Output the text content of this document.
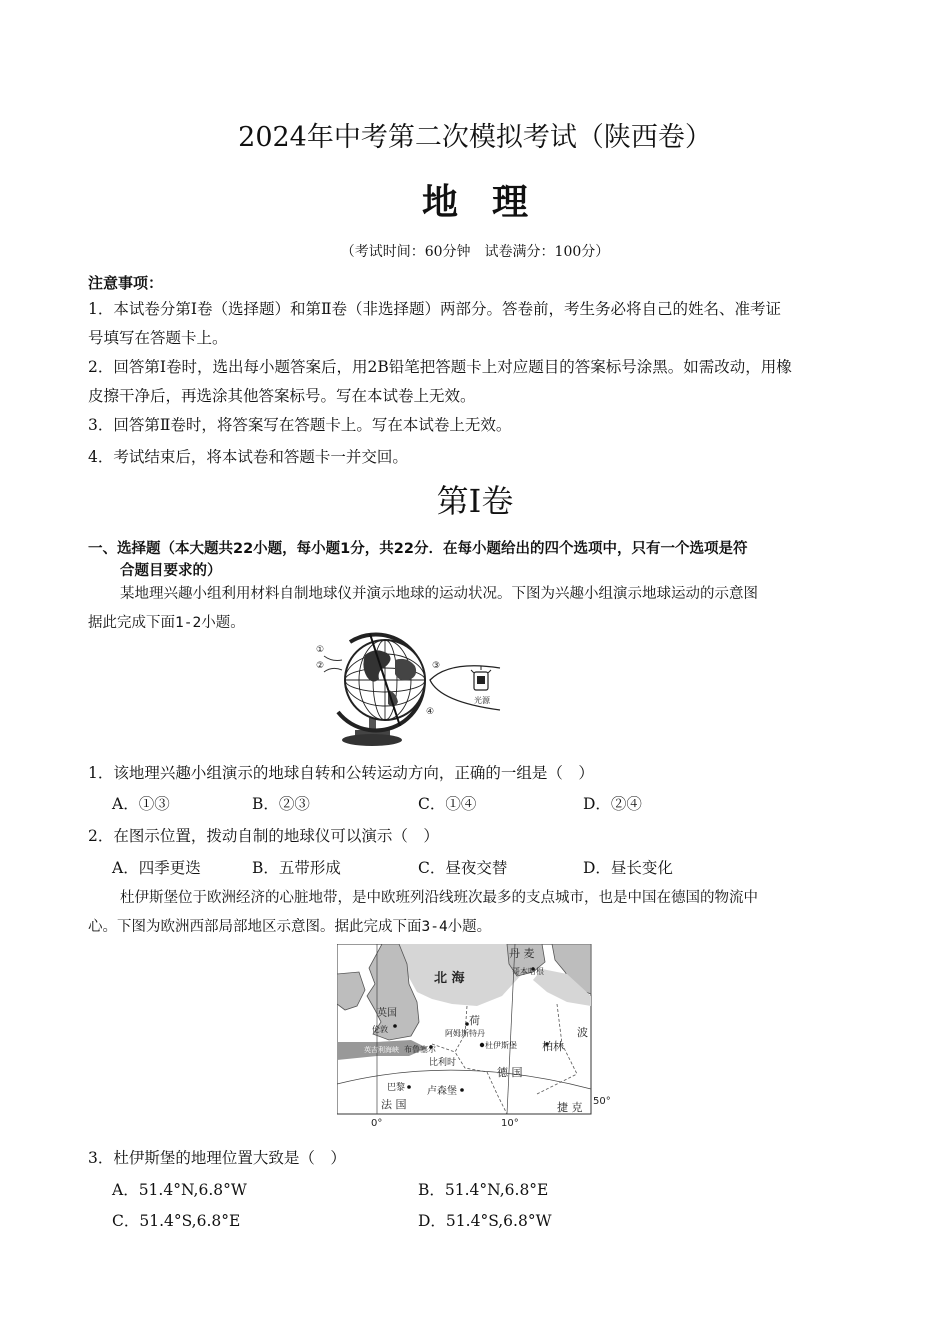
2024年中考第二次模拟考试（陕西卷）
地理
（考试时间：60分钟　试卷满分：100分）
注意事项：
1．本试卷分第Ⅰ卷（选择题）和第Ⅱ卷（非选择题）两部分。答卷前，考生务必将自己的姓名、准考证
号填写在答题卡上。
2．回答第Ⅰ卷时，选出每小题答案后，用2B铅笔把答题卡上对应题目的答案标号涂黑。如需改动，用橡
皮擦干净后，再选涂其他答案标号。写在本试卷上无效。
3．回答第Ⅱ卷时，将答案写在答题卡上。写在本试卷上无效。
4．考试结束后，将本试卷和答题卡一并交回。
第Ⅰ卷
一、选择题（本大题共22小题，每小题1分，共22分．在每小题给出的四个选项中，只有一个选项是符
合题目要求的）
某地理兴趣小组利用材料自制地球仪并演示地球的运动状况。下图为兴趣小组演示地球运动的示意图
据此完成下面1-2小题。
①
②	③
④
光源
1．该地理兴趣小组演示的地球自转和公转运动方向，正确的一组是（　）
A．①③	B．②③	C．①④	D．②④
2．在图示位置，拨动自制的地球仪可以演示（　）
A．四季更迭	B．五带形成	C．昼夜交替	D．昼长变化
杜伊斯堡位于欧洲经济的心脏地带，是中欧班列沿线班次最多的支点城市，也是中国在德国的物流中
心。下图为欧洲西部局部地区示意图。据此完成下面3-4小题。
北 海
丹 麦
哥本哈根
英国
伦敦
荷
阿姆斯特丹
杜伊斯堡
英吉利海峡 布鲁塞尔
比利时
德 国
柏林
波
巴黎 卢森堡
法 国	捷 克 50°
0°	10°
3．杜伊斯堡的地理位置大致是（　）
A．51.4°N,6.8°W	B．51.4°N,6.8°E
C．51.4°S,6.8°E	D．51.4°S,6.8°W
